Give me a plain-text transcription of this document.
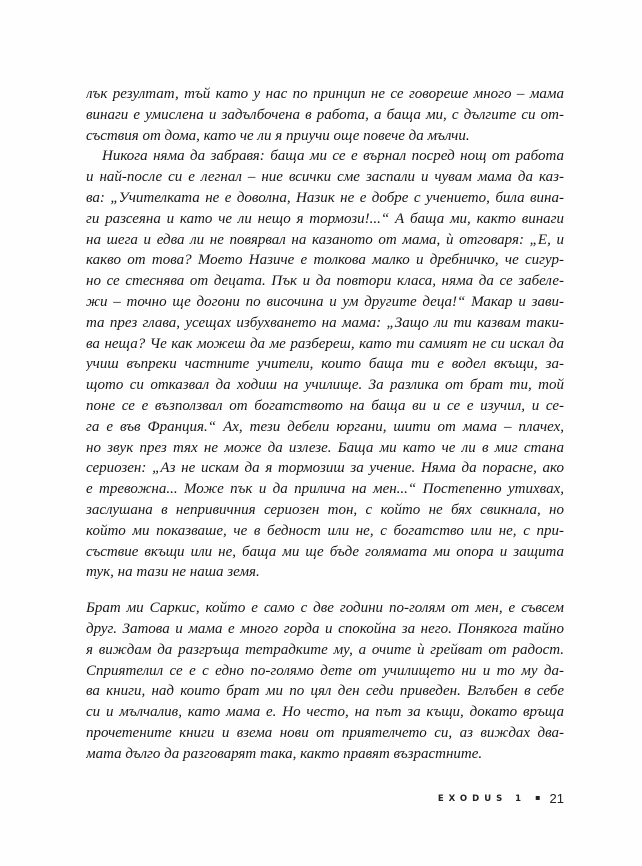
лък резултат, тъй като у нас по принцип не се говореше много – мама
винаги е умислена и задълбочена в работа, а баща ми, с дългите си от-
съствия от дома, като че ли я приучи още повече да мълчи.
Никога няма да забравя: баща ми се е върнал посред нощ от работа
и най-после си е легнал – ние всички сме заспали и чувам мама да каз-
ва: „Учителката не е доволна, Назик не е добре с учението, била вина-
ги разсеяна и като че ли нещо я тормози!...“ А баща ми, както винаги
на шега и едва ли не повярвал на казаното от мама, ѝ отговаря: „Е, и
какво от това? Моето Назиче е толкова малко и дребничко, че сигур-
но се стеснява от децата. Пък и да повтори класа, няма да се забеле-
жи – точно ще догони по височина и ум другите деца!“ Макар и зави-
та през глава, усещах избухването на мама: „Защо ли ти казвам таки-
ва неща? Че как можеш да ме разбереш, като ти самият не си искал да
учиш въпреки частните учители, които баща ти е водел вкъщи, за-
щото си отказвал да ходиш на училище. За разлика от брат ти, той
поне се е възползвал от богатството на баща ви и се е изучил, и се-
га е във Франция.“ Ах, тези дебели юргани, шити от мама – плачех,
но звук през тях не може да излезе. Баща ми като че ли в миг стана
сериозен: „Аз не искам да я тормозиш за учение. Няма да порасне, ако
е тревожна... Може пък и да прилича на мен...“ Постепенно утихвах,
заслушана в непривичния сериозен тон, с който не бях свикнала, но
който ми показваше, че в бедност или не, с богатство или не, с при-
съствие вкъщи или не, баща ми ще бъде голямата ми опора и защита
тук, на тази не наша земя.
Брат ми Саркис, който е само с две години по-голям от мен, е съвсем
друг. Затова и мама е много горда и спокойна за него. Понякога тайно
я виждам да разгръща тетрадките му, а очите ѝ грейват от радост.
Сприятелил се е с едно по-голямо дете от училището ни и то му да-
ва книги, над които брат ми по цял ден седи приведен. Вглъбен в себе
си и мълчалив, като мама е. Но често, на път за къщи, докато връща
прочетените книги и взема нови от приятелчето си, аз виждах два-
мата дълго да разговарят така, както правят възрастните.
EXODUS 1 ▪ 21
